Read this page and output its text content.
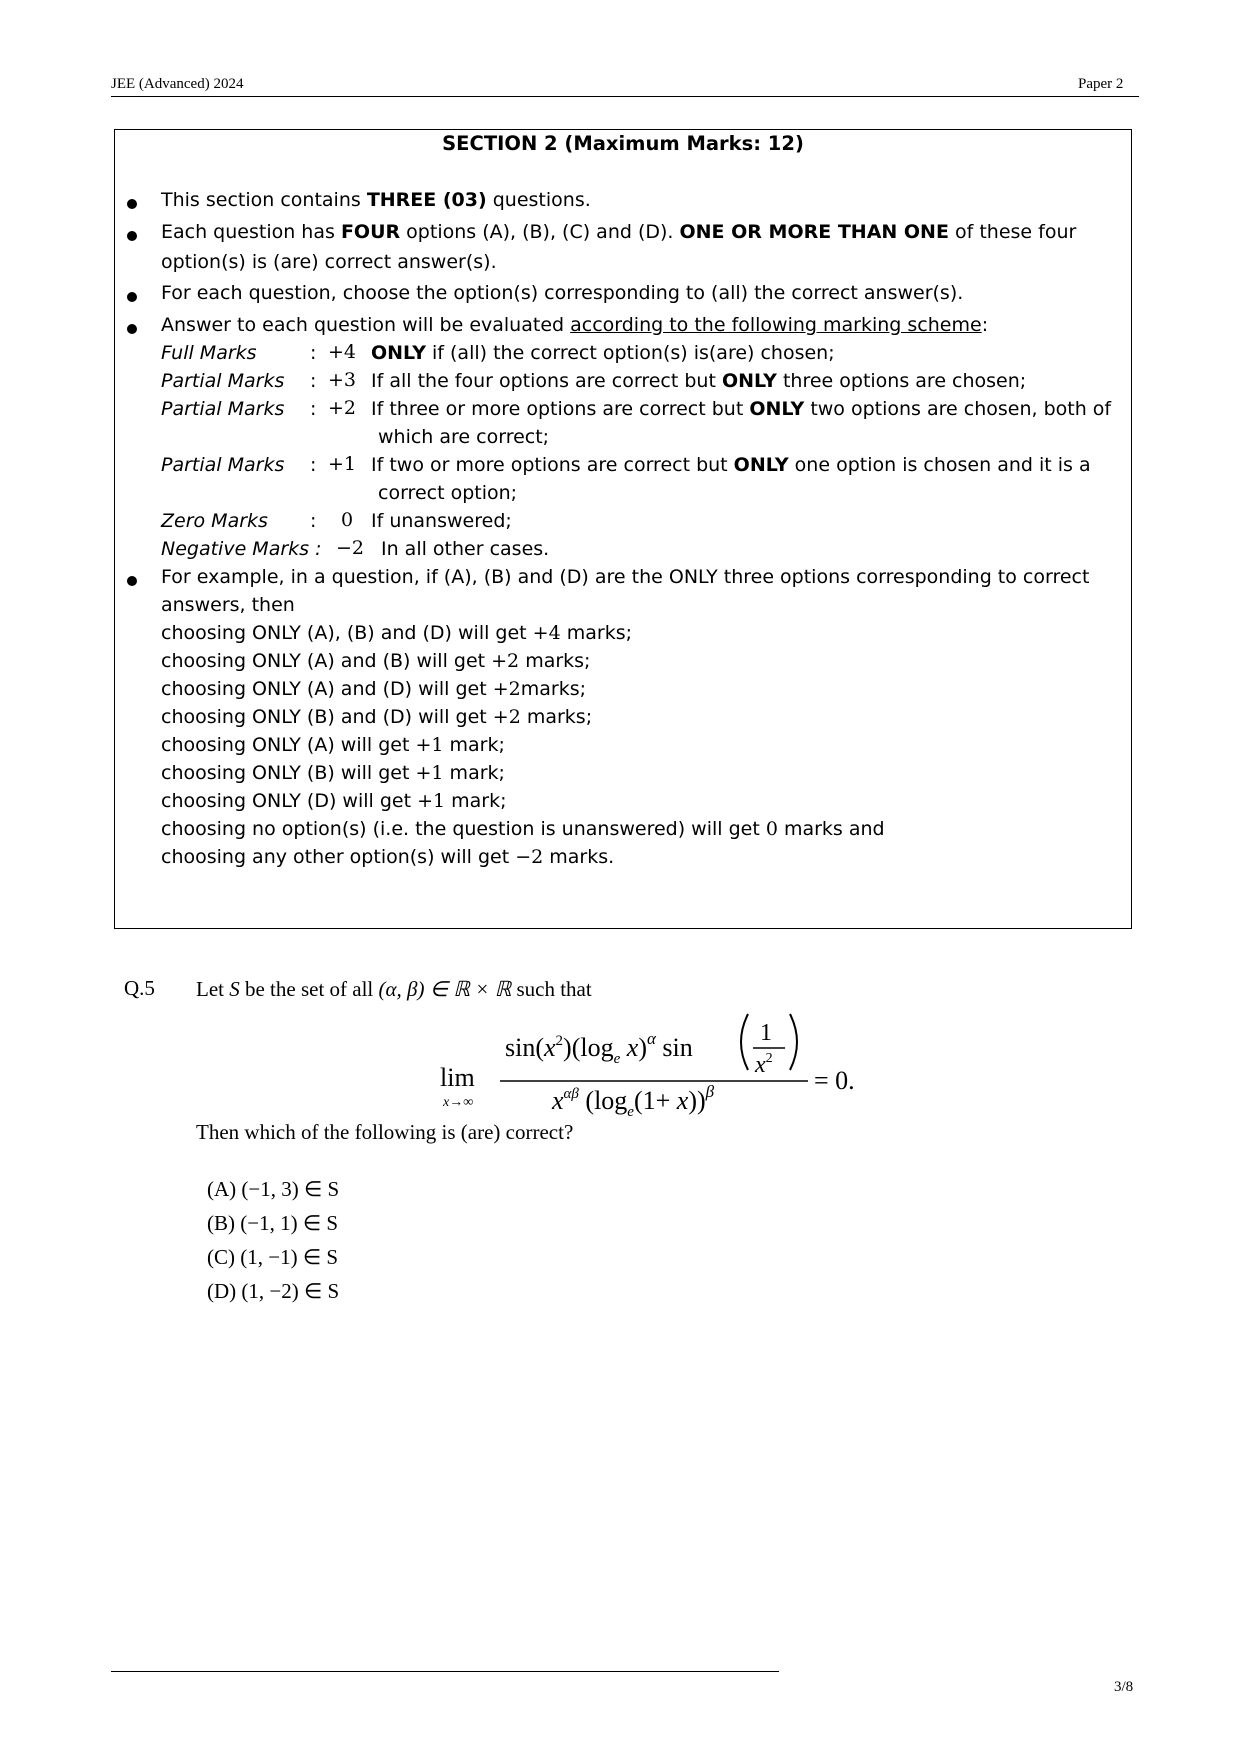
JEE (Advanced) 2024	Paper 2
SECTION 2 (Maximum Marks: 12)
This section contains THREE (03) questions.
Each question has FOUR options (A), (B), (C) and (D). ONE OR MORE THAN ONE of these four
option(s) is (are) correct answer(s).
For each question, choose the option(s) corresponding to (all) the correct answer(s).
Answer to each question will be evaluated according to the following marking scheme:
Full Marks	: +4 ONLY if (all) the correct option(s) is(are) chosen;
Partial Marks : +3 If all the four options are correct but ONLY three options are chosen;
Partial Marks : +2 If three or more options are correct but ONLY two options are chosen, both of
which are correct;
Partial Marks : +1 If two or more options are correct but ONLY one option is chosen and it is a
correct option;
Zero Marks : 0 If unanswered;
Negative Marks : −2 In all other cases.
For example, in a question, if (A), (B) and (D) are the ONLY three options corresponding to correct
answers, then
choosing ONLY (A), (B) and (D) will get +4 marks;
choosing ONLY (A) and (B) will get +2 marks;
choosing ONLY (A) and (D) will get +2marks;
choosing ONLY (B) and (D) will get +2 marks;
choosing ONLY (A) will get +1 mark;
choosing ONLY (B) will get +1 mark;
choosing ONLY (D) will get +1 mark;
choosing no option(s) (i.e. the question is unanswered) will get 0 marks and
choosing any other option(s) will get −2 marks.
Q.5 Let S be the set of all (α, β) ∈ ℝ × ℝ such that
lim
x→∞
$\sin(x^2)(\log_e$ x)$^\alpha$ sin	1
$x^2$
$x^{\alpha\beta}$ $(\log_e(1+ x))^\beta$	= 0.
Then which of the following is (are) correct?
(A) (−1, 3) ∈ S
(B) (−1, 1) ∈ S
(C) (1, −1) ∈ S
(D) (1, −2) ∈ S
3/8
